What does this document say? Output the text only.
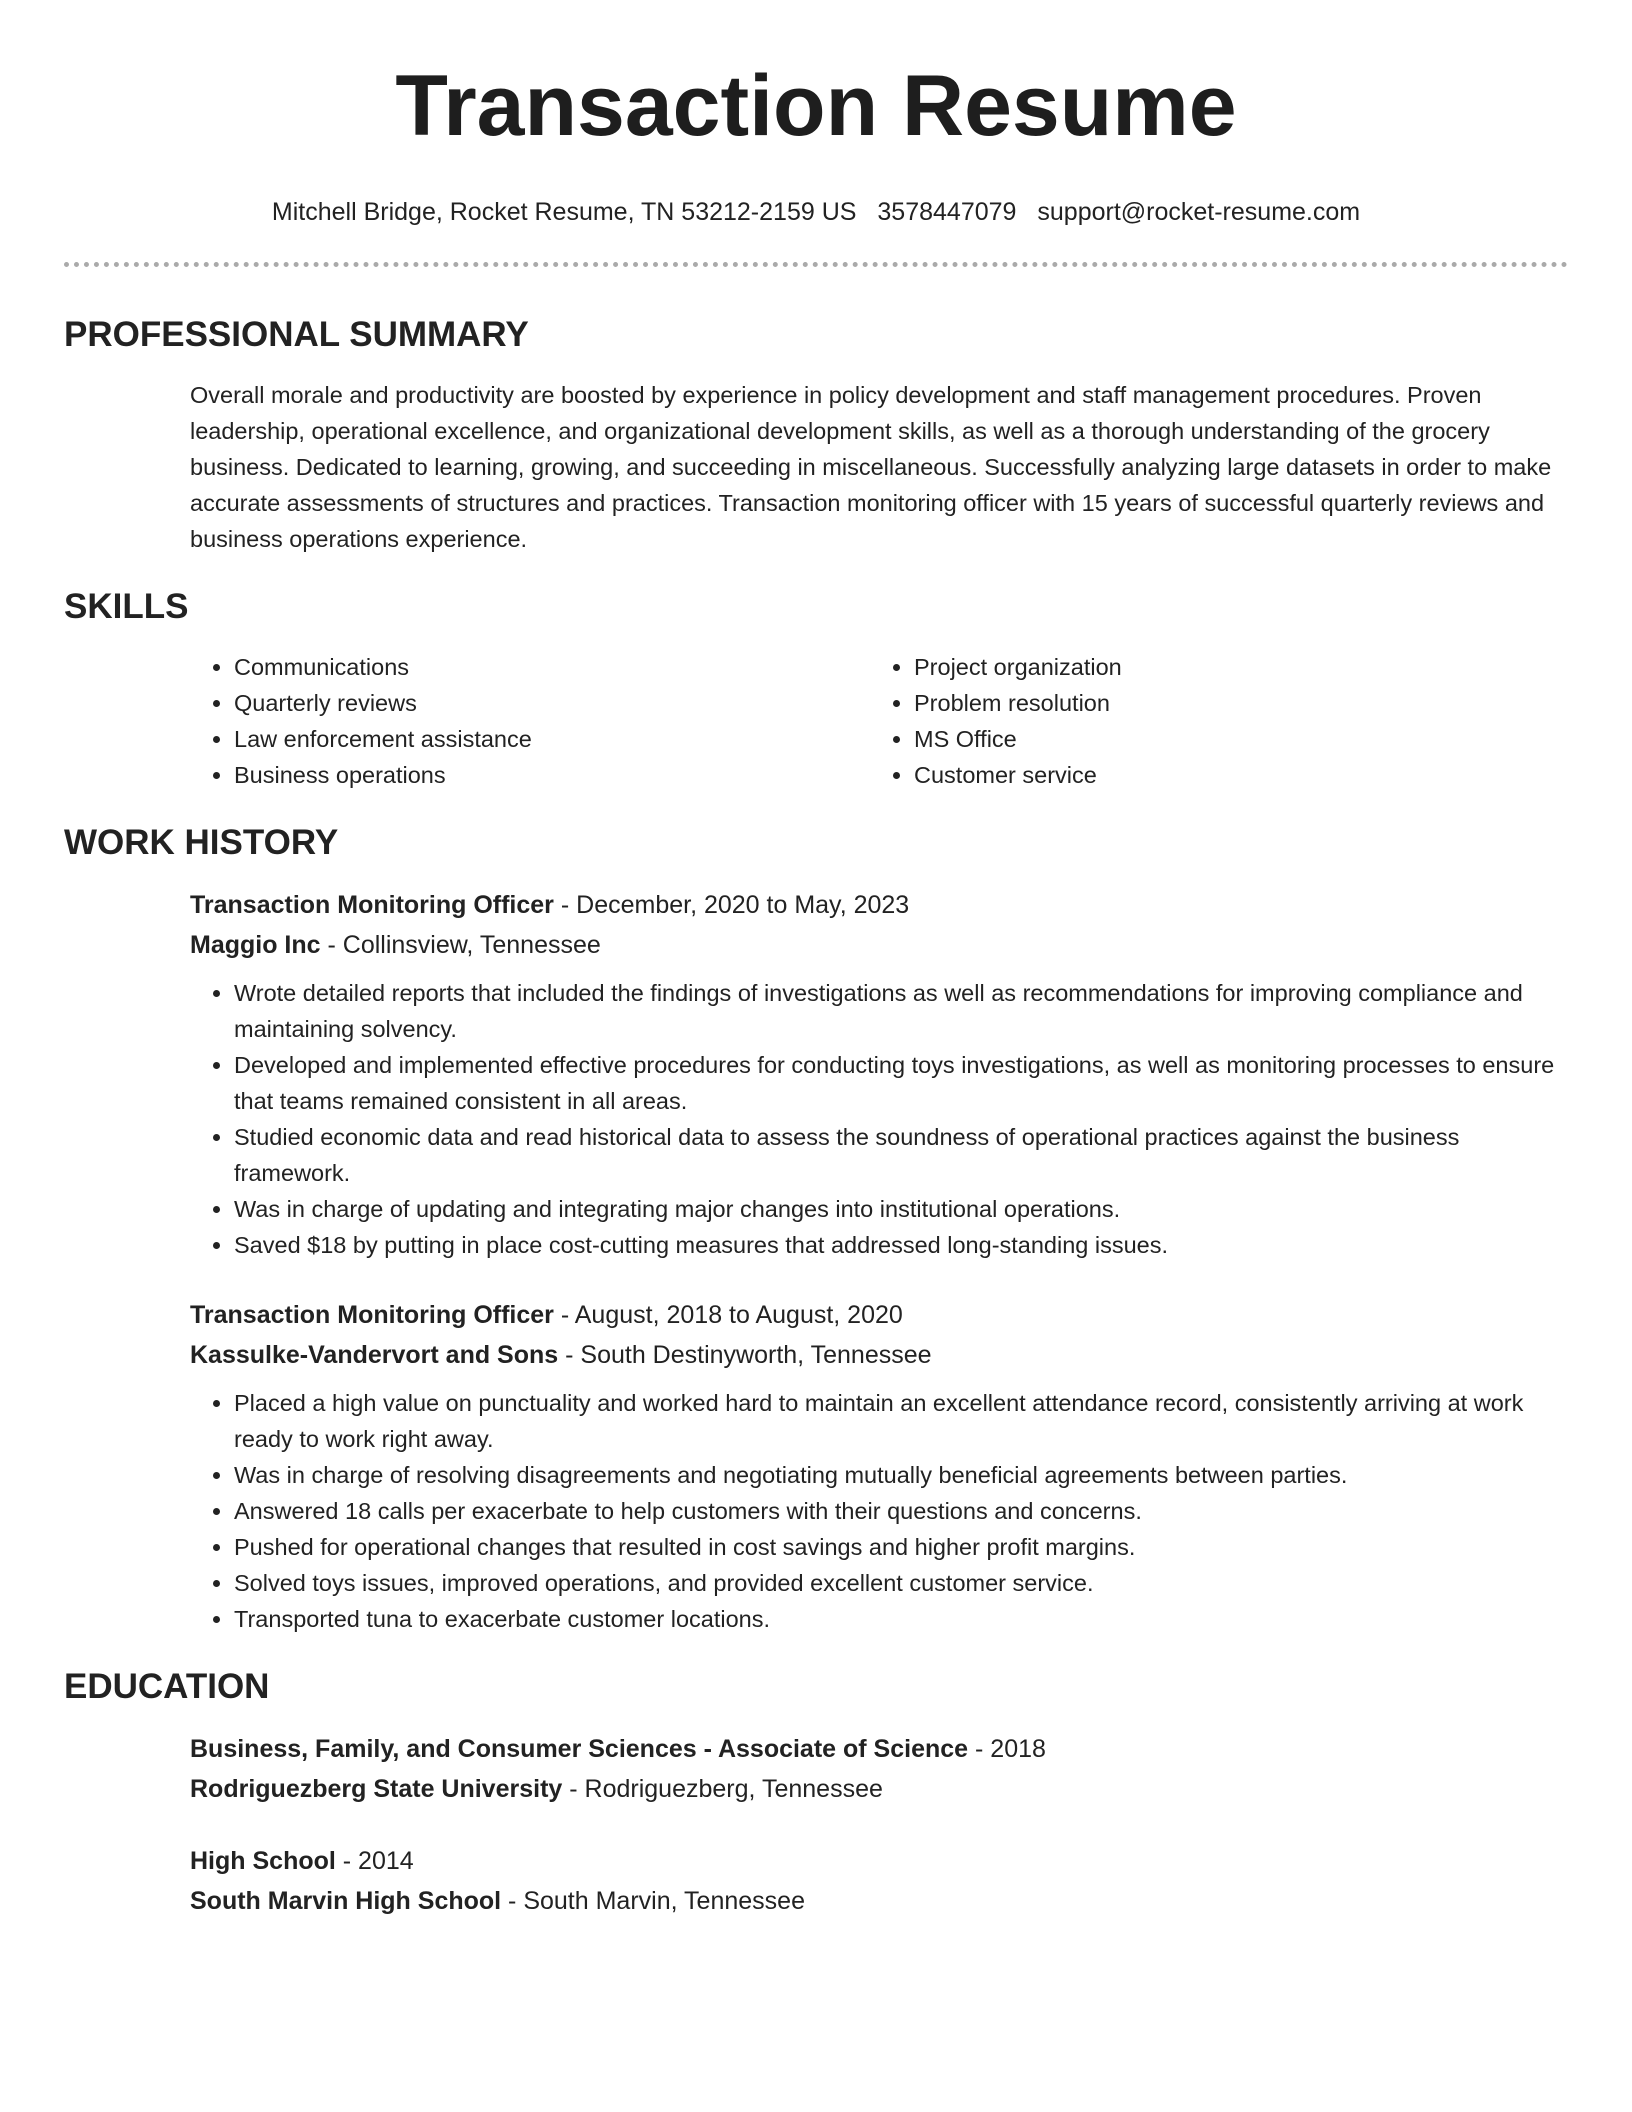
Transaction Resume
Mitchell Bridge, Rocket Resume, TN 53212-2159 US 3578447079 support@rocket-resume.com
PROFESSIONAL SUMMARY

Overall morale and productivity are boosted by experience in policy development and staff management procedures. Proven leadership, operational excellence, and organizational development skills, as well as a thorough understanding of the grocery business. Dedicated to learning, growing, and succeeding in miscellaneous. Successfully analyzing large datasets in order to make accurate assessments of structures and practices. Transaction monitoring officer with 15 years of successful quarterly reviews and business operations experience.

SKILLS
• Communications
• Quarterly reviews
• Law enforcement assistance
• Business operations
• Project organization
• Problem resolution
• MS Office
• Customer service
WORK HISTORY
Transaction Monitoring Officer - December, 2020 to May, 2023
Maggio Inc - Collinsview, Tennessee
• Wrote detailed reports that included the findings of investigations as well as recommendations for improving compliance and maintaining solvency.
• Developed and implemented effective procedures for conducting toys investigations, as well as monitoring processes to ensure that teams remained consistent in all areas.
• Studied economic data and read historical data to assess the soundness of operational practices against the business framework.
• Was in charge of updating and integrating major changes into institutional operations.
• Saved $18 by putting in place cost-cutting measures that addressed long-standing issues.
Transaction Monitoring Officer - August, 2018 to August, 2020
Kassulke-Vandervort and Sons - South Destinyworth, Tennessee
• Placed a high value on punctuality and worked hard to maintain an excellent attendance record, consistently arriving at work ready to work right away.
• Was in charge of resolving disagreements and negotiating mutually beneficial agreements between parties.
• Answered 18 calls per exacerbate to help customers with their questions and concerns.
• Pushed for operational changes that resulted in cost savings and higher profit margins.
• Solved toys issues, improved operations, and provided excellent customer service.
• Transported tuna to exacerbate customer locations.
EDUCATION
Business, Family, and Consumer Sciences - Associate of Science - 2018
Rodriguezberg State University - Rodriguezberg, Tennessee
High School - 2014
South Marvin High School - South Marvin, Tennessee
